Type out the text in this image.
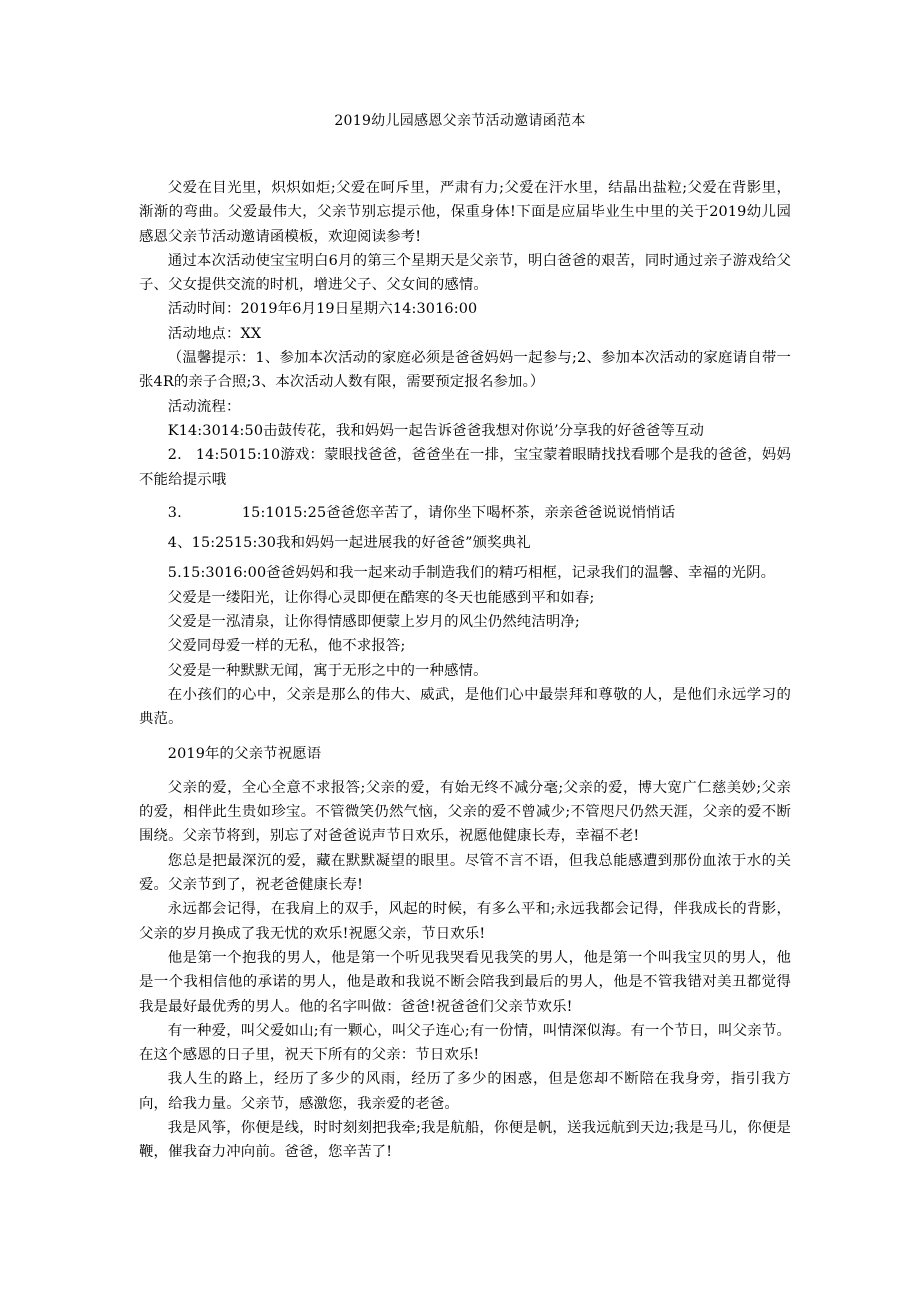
2019幼儿园感恩父亲节活动邀请函范本

父爱在目光里，炽炽如炬;父爱在呵斥里，严肃有力;父爱在汗水里，结晶出盐粒;父爱在背影里，渐渐的弯曲。父爱最伟大，父亲节别忘提示他，保重身体!下面是应届毕业生中里的关于2019幼儿园感恩父亲节活动邀请函模板，欢迎阅读参考!

通过本次活动使宝宝明白6月的第三个星期天是父亲节，明白爸爸的艰苦，同时通过亲子游戏给父子、父女提供交流的时机，增进父子、父女间的感情。

活动时间：2019年6月19日星期六14:3016:00

活动地点：XX

（温馨提示：1、参加本次活动的家庭必须是爸爸妈妈一起参与;2、参加本次活动的家庭请自带一张4R的亲子合照;3、本次活动人数有限，需要预定报名参加。）

活动流程：

K14:3014:50击鼓传花，我和妈妈一起告诉爸爸我想对你说’分享我的好爸爸等互动

2. 14:5015:10游戏：蒙眼找爸爸，爸爸坐在一排，宝宝蒙着眼睛找找看哪个是我的爸爸，妈妈不能给提示哦

3.	15:1015:25爸爸您辛苦了，请你坐下喝杯茶，亲亲爸爸说说悄悄话

4、15:2515:30我和妈妈一起进展我的好爸爸”颁奖典礼

5.15:3016:00爸爸妈妈和我一起来动手制造我们的精巧相框，记录我们的温馨、幸福的光阴。

父爱是一缕阳光，让你得心灵即便在酷寒的冬天也能感到平和如春;

父爱是一泓清泉，让你得情感即便蒙上岁月的风尘仍然纯洁明净;

父爱同母爱一样的无私，他不求报答;

父爱是一种默默无闻，寓于无形之中的一种感情。

在小孩们的心中，父亲是那么的伟大、威武，是他们心中最崇拜和尊敬的人，是他们永远学习的典范。

2019年的父亲节祝愿语

父亲的爱，全心全意不求报答;父亲的爱，有始无终不减分毫;父亲的爱，博大宽广仁慈美妙;父亲的爱，相伴此生贵如珍宝。不管微笑仍然气恼，父亲的爱不曾减少;不管咫尺仍然天涯，父亲的爱不断围绕。父亲节将到，别忘了对爸爸说声节日欢乐，祝愿他健康长寿，幸福不老!

您总是把最深沉的爱，藏在默默凝望的眼里。尽管不言不语，但我总能感遭到那份血浓于水的关爱。父亲节到了，祝老爸健康长寿!

永远都会记得，在我肩上的双手，风起的时候，有多么平和;永远我都会记得，伴我成长的背影，父亲的岁月换成了我无忧的欢乐!祝愿父亲，节日欢乐!

他是第一个抱我的男人，他是第一个听见我哭看见我笑的男人，他是第一个叫我宝贝的男人，他是一个我相信他的承诺的男人，他是敢和我说不断会陪我到最后的男人，他是不管我错对美丑都觉得我是最好最优秀的男人。他的名字叫做：爸爸!祝爸爸们父亲节欢乐!

有一种爱，叫父爱如山;有一颗心，叫父子连心;有一份情，叫情深似海。有一个节日，叫父亲节。在这个感恩的日子里，祝天下所有的父亲：节日欢乐!

我人生的路上，经历了多少的风雨，经历了多少的困惑，但是您却不断陪在我身旁，指引我方向，给我力量。父亲节，感激您，我亲爱的老爸。

我是风筝，你便是线，时时刻刻把我牵;我是航船，你便是帆，送我远航到天边;我是马儿，你便是鞭，催我奋力冲向前。爸爸，您辛苦了!
